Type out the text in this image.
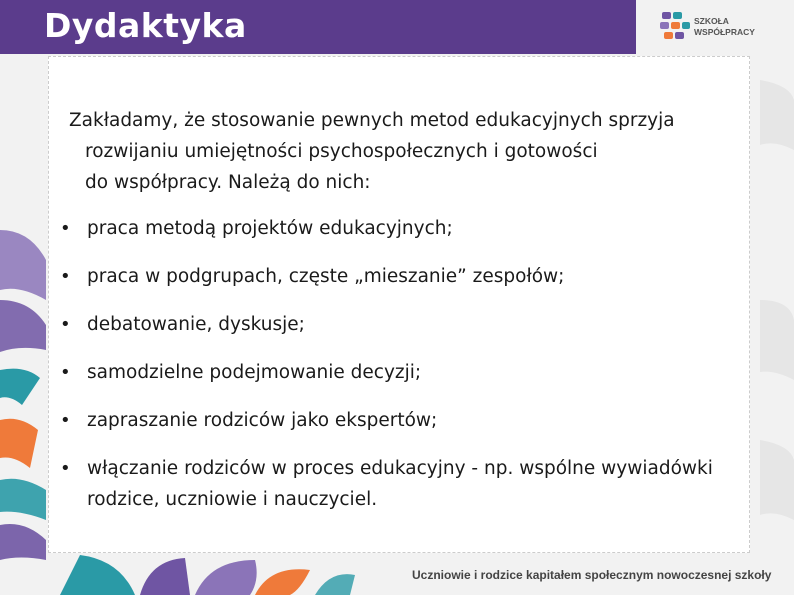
Dydaktyka	SZKOŁA
WSPÓŁPRACY
Zakładamy, że stosowanie pewnych metod edukacyjnych sprzyja
rozwijaniu umiejętności psychospołecznych i gotowości
do współpracy. Należą do nich:
• praca metodą projektów edukacyjnych;
• praca w podgrupach, częste „mieszanie” zespołów;
• debatowanie, dyskusje;
• samodzielne podejmowanie decyzji;
• zapraszanie rodziców jako ekspertów;
• włączanie rodziców w proces edukacyjny - np. wspólne wywiadówki rodzice, uczniowie i nauczyciel.
Uczniowie i rodzice kapitałem społecznym nowoczesnej szkoły
